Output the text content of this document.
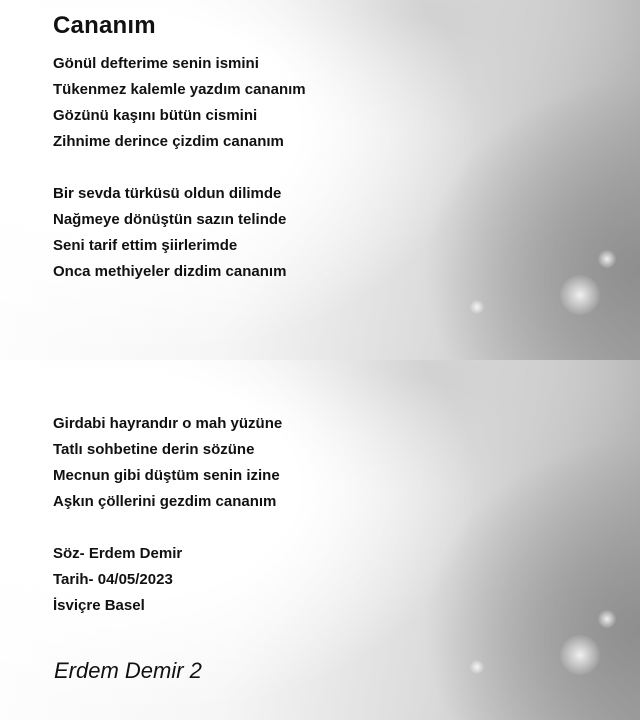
Cananım
Gönül defterime senin ismini
Tükenmez kalemle yazdım cananım
Gözünü kaşını bütün cismini
Zihnime derince çizdim cananım
Bir sevda türküsü oldun dilimde
Nağmeye dönüştün sazın telinde
Seni tarif ettim şiirlerimde
Onca methiyeler dizdim cananım
Girdabi hayrandır o mah yüzüne
Tatlı sohbetine derin sözüne
Mecnun gibi düştüm senin izine
Aşkın çöllerini gezdim cananım
Söz- Erdem Demir
Tarih- 04/05/2023
İsviçre Basel
Erdem Demir 2
